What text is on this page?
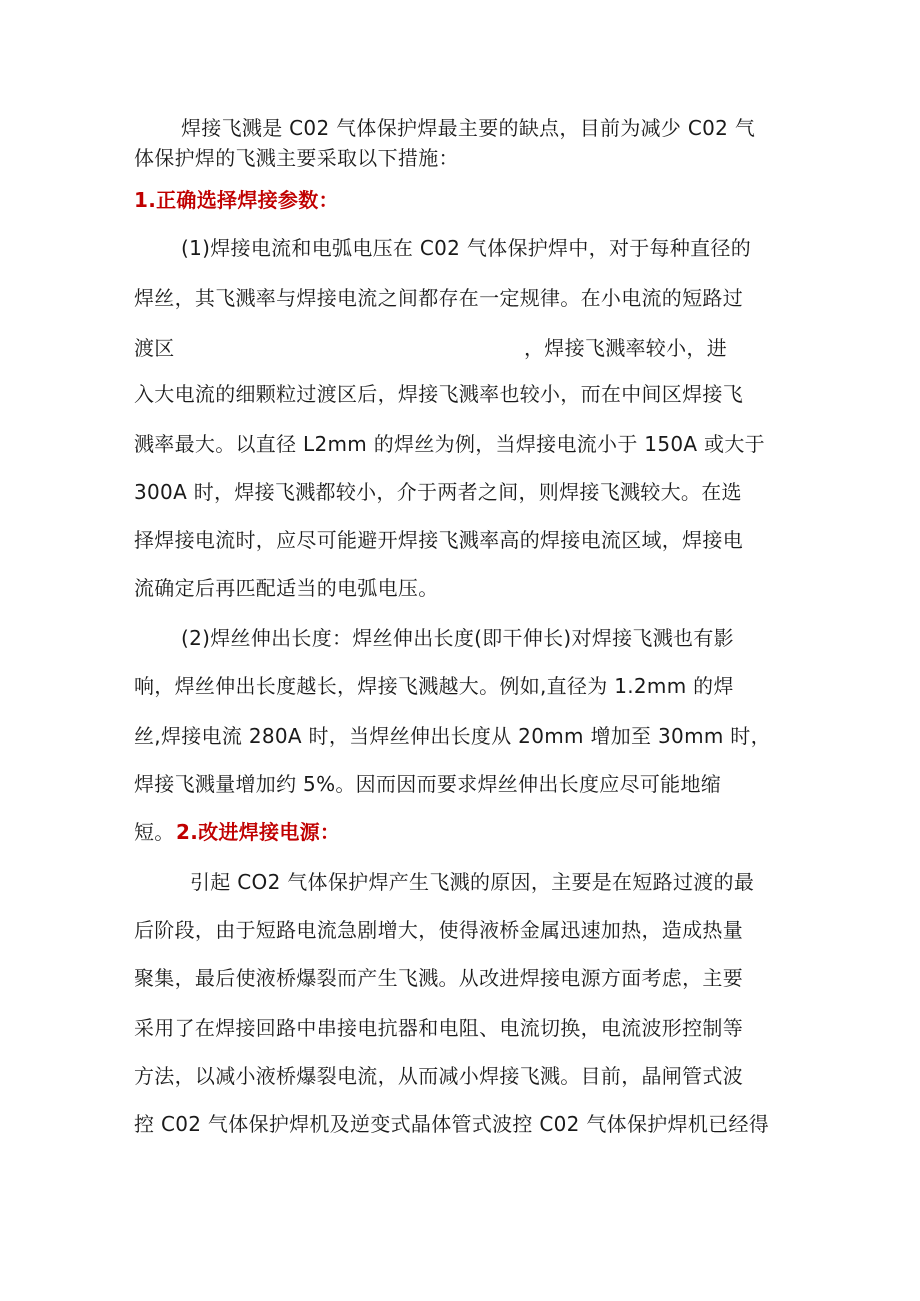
焊接飞溅是 C02 气体保护焊最主要的缺点，目前为减少 C02 气
体保护焊的飞溅主要采取以下措施：
1.正确选择焊接参数：
(1)焊接电流和电弧电压在 C02 气体保护焊中，对于每种直径的
焊丝，其飞溅率与焊接电流之间都存在一定规律。在小电流的短路过
渡区	，焊接飞溅率较小，进
入大电流的细颗粒过渡区后，焊接飞溅率也较小，而在中间区焊接飞
溅率最大。以直径 L2mm 的焊丝为例，当焊接电流小于 150A 或大于
300A 时，焊接飞溅都较小，介于两者之间，则焊接飞溅较大。在选
择焊接电流时，应尽可能避开焊接飞溅率高的焊接电流区域，焊接电
流确定后再匹配适当的电弧电压。
(2)焊丝伸出长度：焊丝伸出长度(即干伸长)对焊接飞溅也有影
响，焊丝伸出长度越长，焊接飞溅越大。例如,直径为 1.2mm 的焊
丝,焊接电流 280A 时，当焊丝伸出长度从 20mm 增加至 30mm 时，
焊接飞溅量增加约 5%。因而因而要求焊丝伸出长度应尽可能地缩
短。 2.改进焊接电源：
引起 CO2 气体保护焊产生飞溅的原因，主要是在短路过渡的最
后阶段，由于短路电流急剧增大，使得液桥金属迅速加热，造成热量
聚集，最后使液桥爆裂而产生飞溅。从改进焊接电源方面考虑，主要
采用了在焊接回路中串接电抗器和电阻、电流切换，电流波形控制等
方法，以减小液桥爆裂电流，从而减小焊接飞溅。目前，晶闸管式波
控 C02 气体保护焊机及逆变式晶体管式波控 C02 气体保护焊机已经得
